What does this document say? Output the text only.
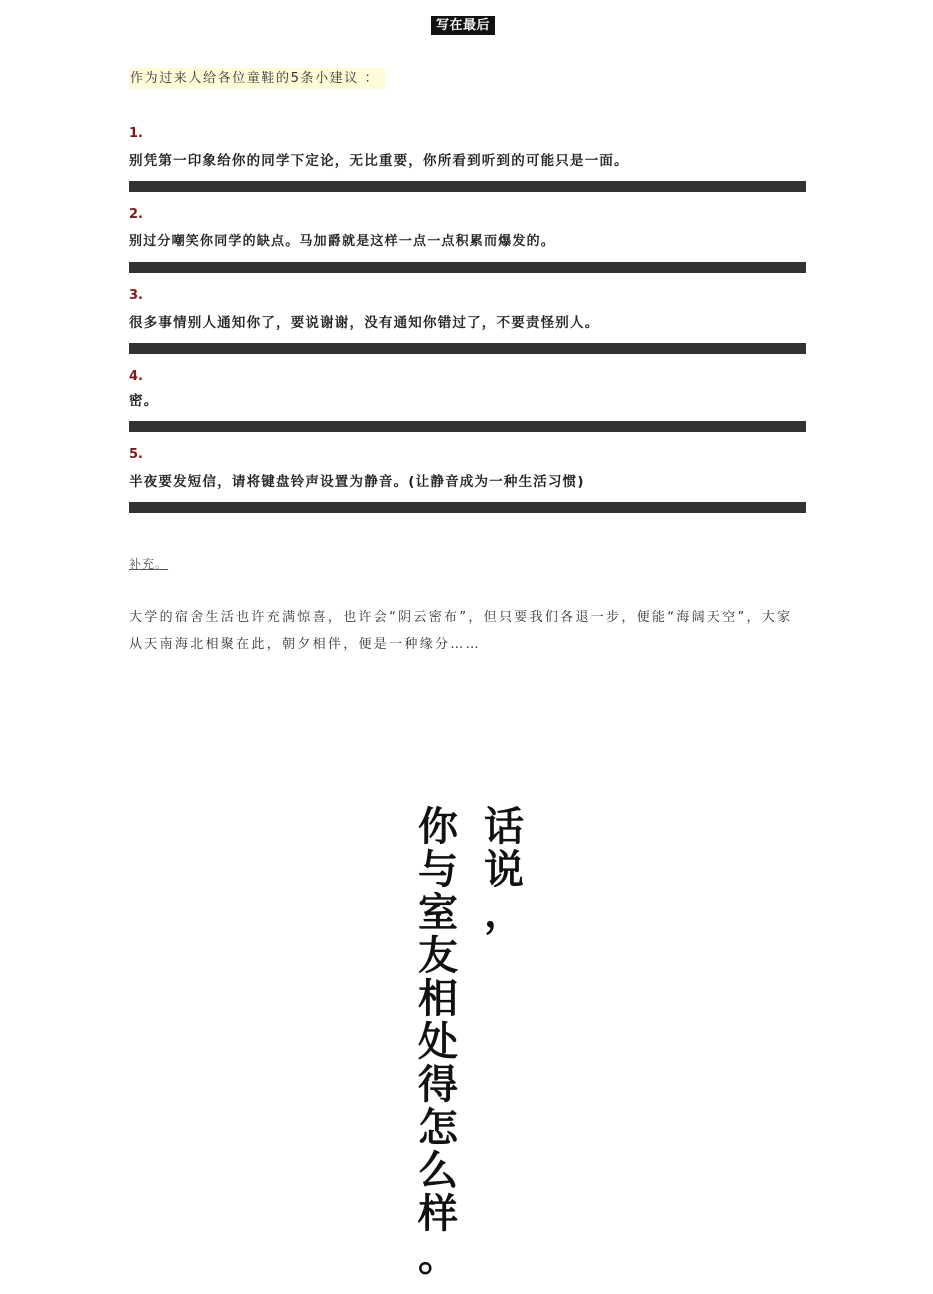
写在最后
作为过来人给各位童鞋的5条小建议 ：
1.
别凭第一印象给你的同学下定论，无比重要，你所看到听到的可能只是一面。
2.
别过分嘲笑你同学的缺点。马加爵就是这样一点一点积累而爆发的。
3.
很多事情别人通知你了，要说谢谢，没有通知你错过了，不要责怪别人。
4.
密。
5.
半夜要发短信，请将键盘铃声设置为静音。(让静音成为一种生活习惯)
补充。
大学的宿舍生活也许充满惊喜，也许会“阴云密布”，但只要我们各退一步，便能“海阔天空”，大家从天南海北相聚在此，朝夕相伴，便是一种缘分……
话
说
，
你
与
室
友
相
处
得
怎
么
样
。
